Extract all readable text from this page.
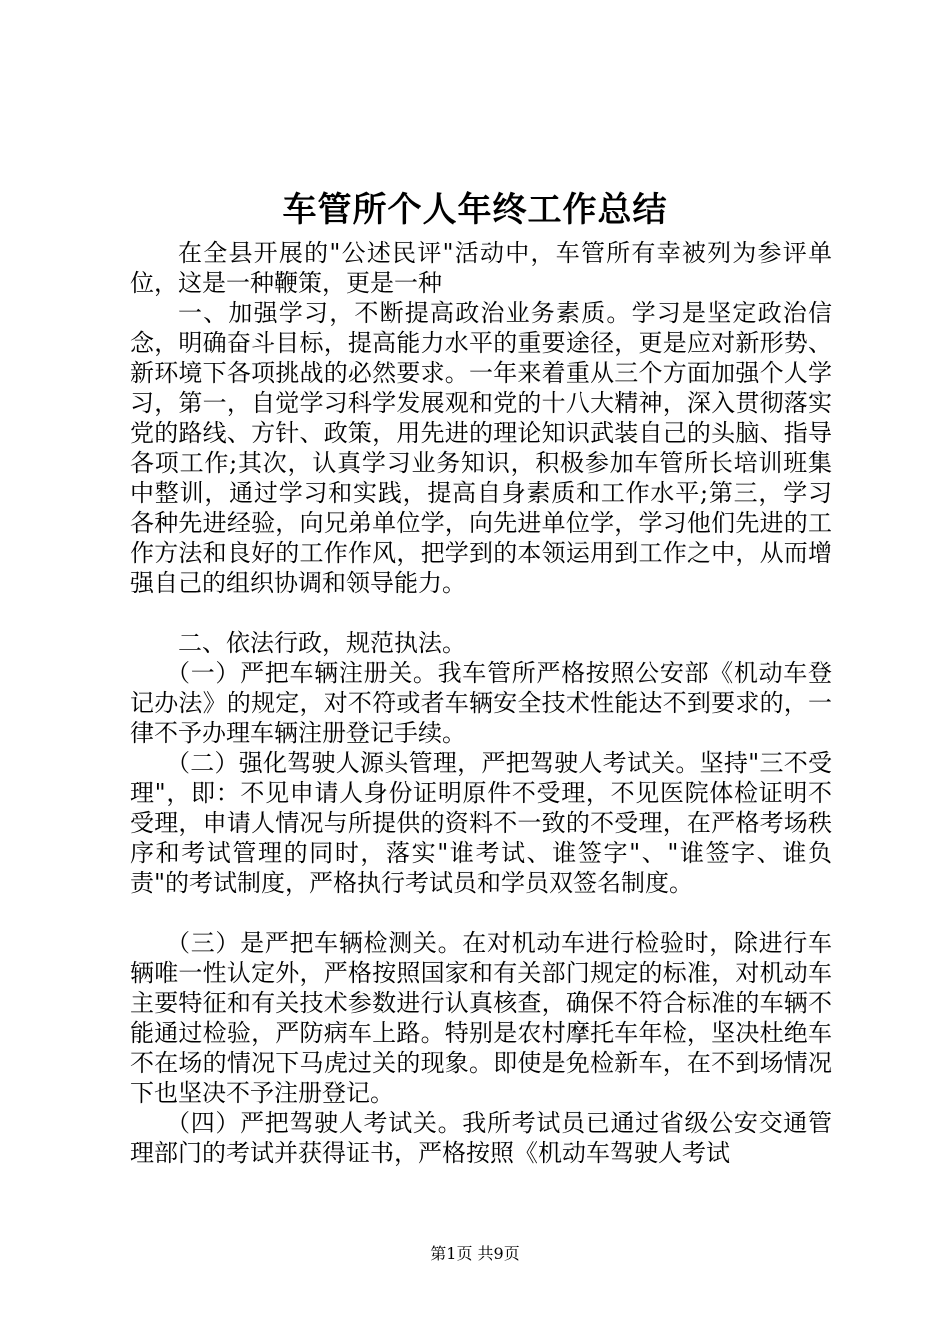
车管所个人年终工作总结

在全县开展的"公述民评"活动中，车管所有幸被列为参评单位，这是一种鞭策，更是一种

一、加强学习，不断提高政治业务素质。学习是坚定政治信念，明确奋斗目标，提高能力水平的重要途径，更是应对新形势、新环境下各项挑战的必然要求。一年来着重从三个方面加强个人学习，第一，自觉学习科学发展观和党的十八大精神，深入贯彻落实党的路线、方针、政策，用先进的理论知识武装自己的头脑、指导各项工作;其次，认真学习业务知识，积极参加车管所长培训班集中整训，通过学习和实践，提高自身素质和工作水平;第三，学习各种先进经验，向兄弟单位学，向先进单位学，学习他们先进的工作方法和良好的工作作风，把学到的本领运用到工作之中，从而增强自己的组织协调和领导能力。

二、依法行政，规范执法。

（一）严把车辆注册关。我车管所严格按照公安部《机动车登记办法》的规定，对不符或者车辆安全技术性能达不到要求的，一律不予办理车辆注册登记手续。

（二）强化驾驶人源头管理，严把驾驶人考试关。坚持"三不受理"，即：不见申请人身份证明原件不受理，不见医院体检证明不受理，申请人情况与所提供的资料不一致的不受理，在严格考场秩序和考试管理的同时，落实"谁考试、谁签字"、"谁签字、谁负责"的考试制度，严格执行考试员和学员双签名制度。

（三）是严把车辆检测关。在对机动车进行检验时，除进行车辆唯一性认定外，严格按照国家和有关部门规定的标准，对机动车主要特征和有关技术参数进行认真核查，确保不符合标准的车辆不能通过检验，严防病车上路。特别是农村摩托车年检，坚决杜绝车不在场的情况下马虎过关的现象。即使是免检新车，在不到场情况下也坚决不予注册登记。

（四）严把驾驶人考试关。我所考试员已通过省级公安交通管理部门的考试并获得证书，严格按照《机动车驾驶人考试

第1页 共9页
